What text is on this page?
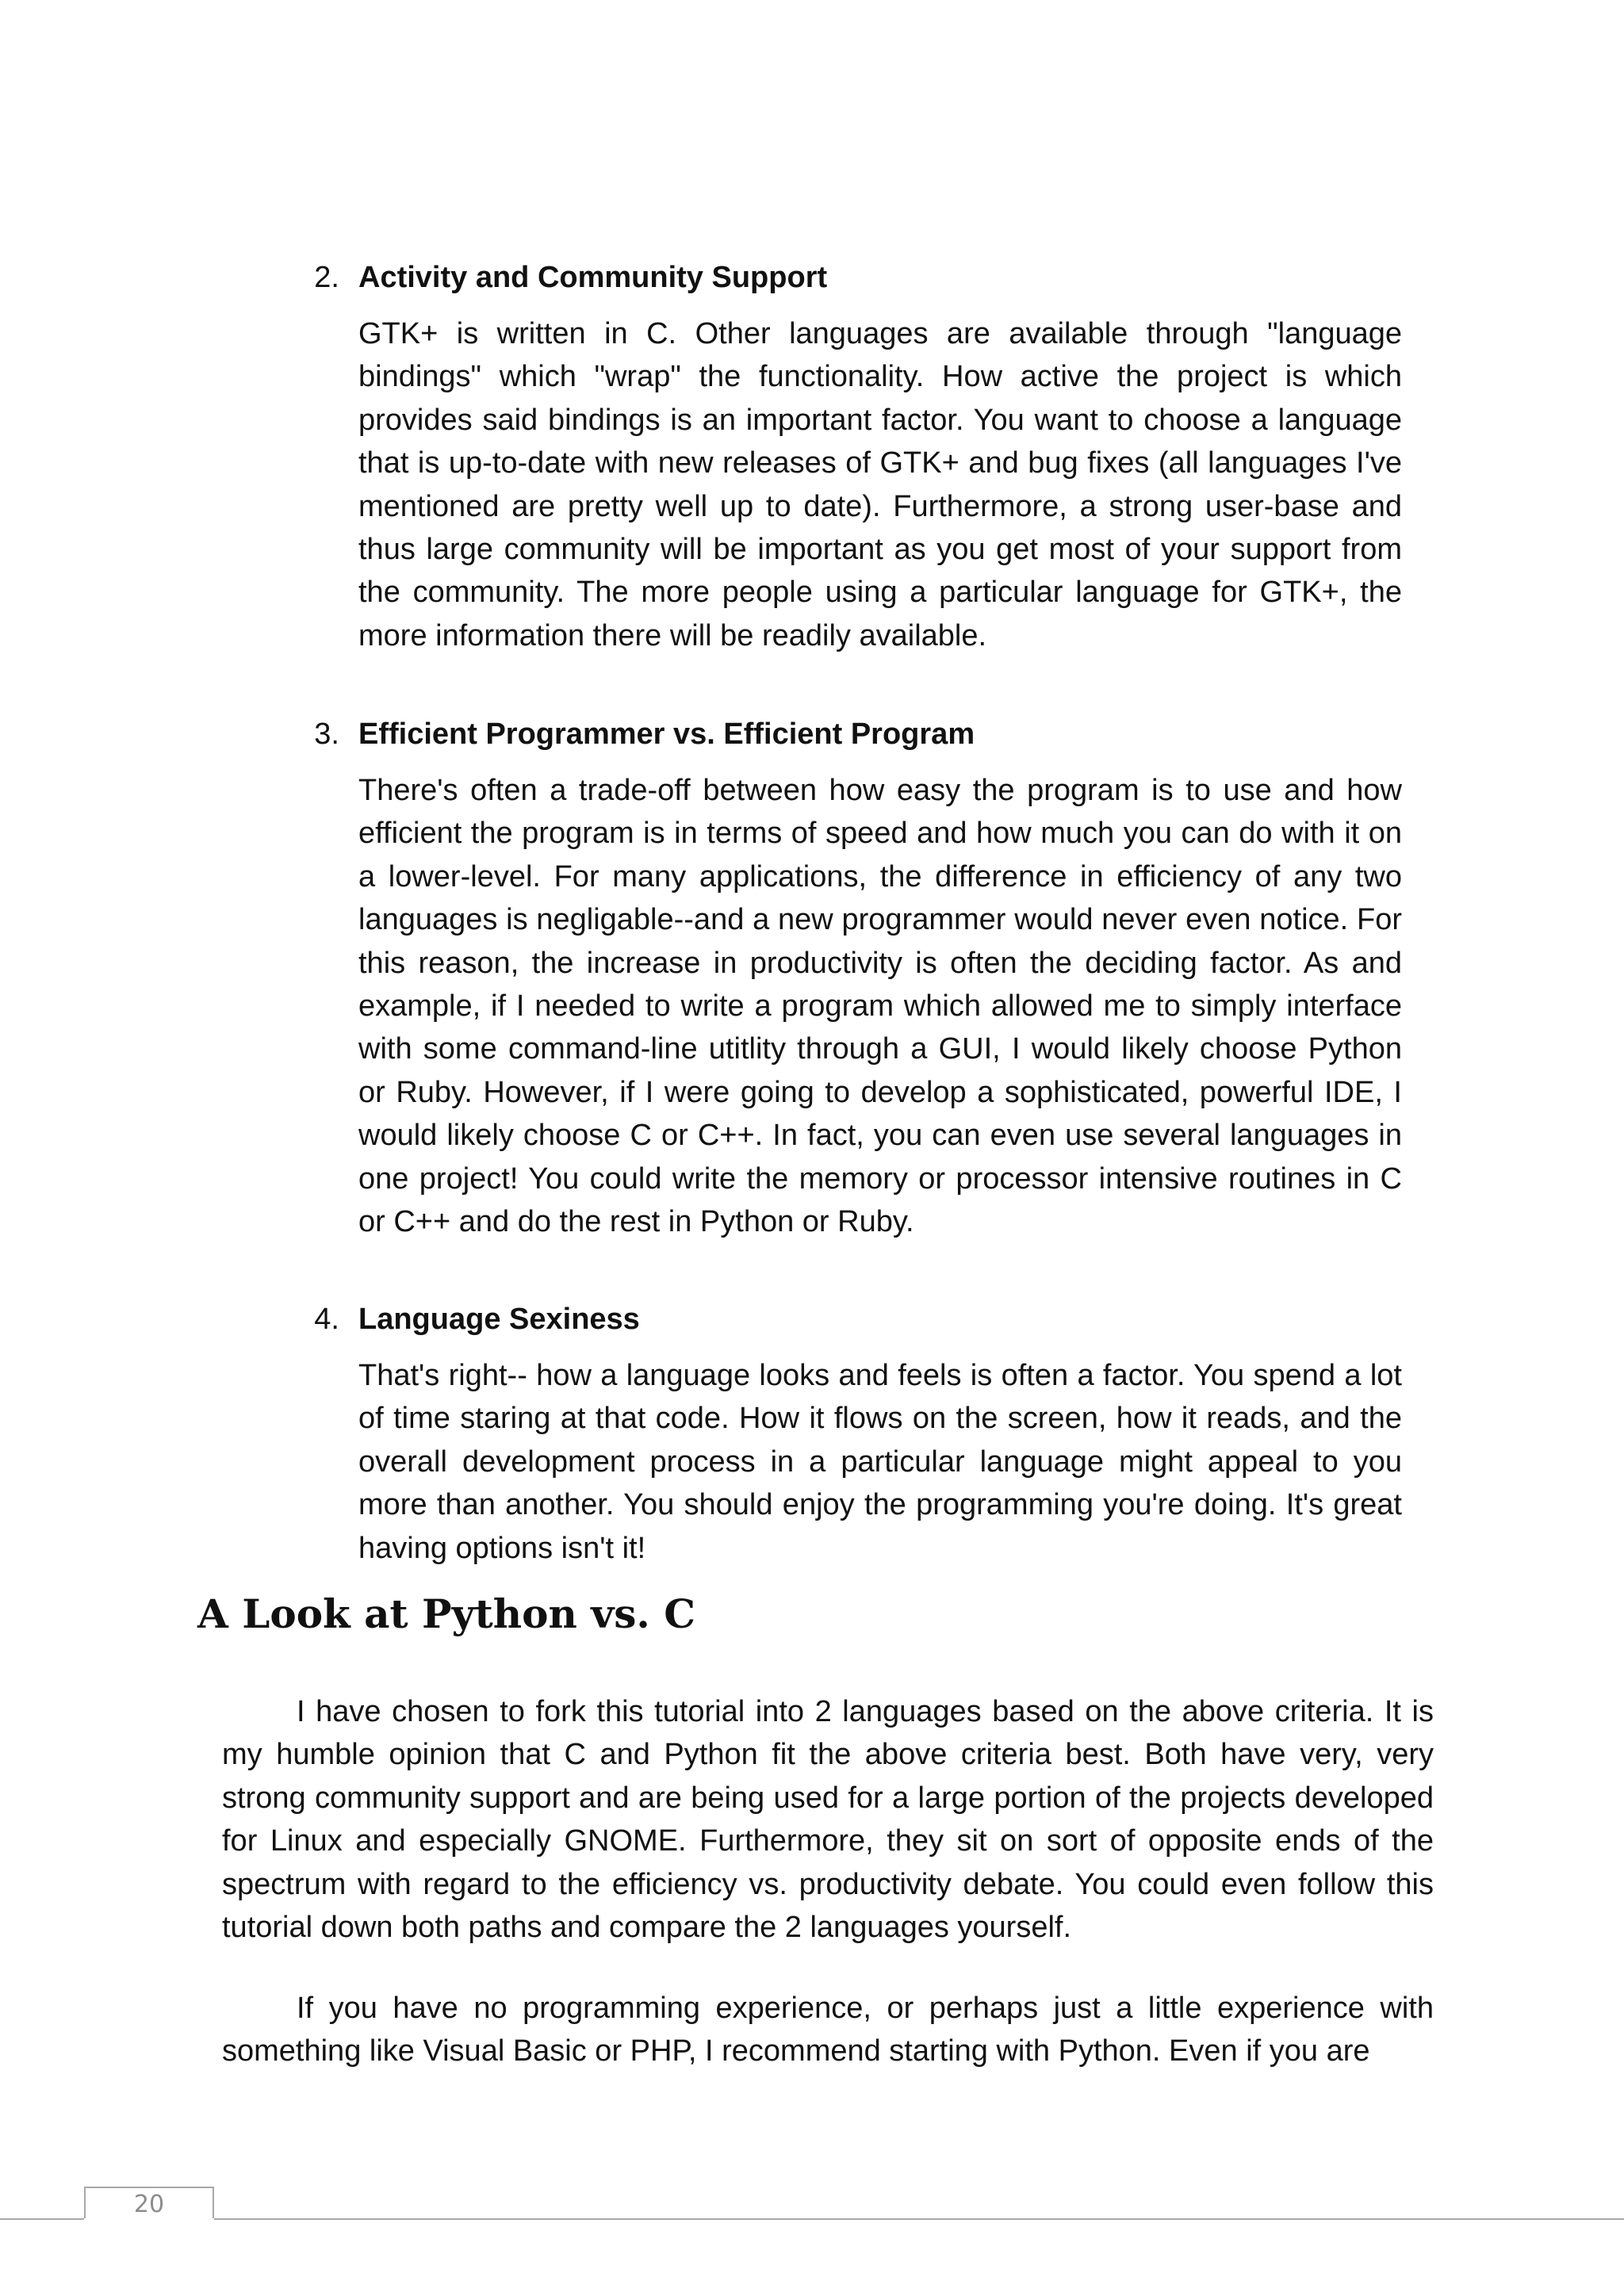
2. Activity and Community Support

GTK+ is written in C. Other languages are available through "language bindings" which "wrap" the functionality. How active the project is which provides said bindings is an important factor. You want to choose a language that is up-to-date with new releases of GTK+ and bug fixes (all languages I've mentioned are pretty well up to date). Furthermore, a strong user-base and thus large community will be important as you get most of your support from the community. The more people using a particular language for GTK+, the more information there will be readily available.

3. Efficient Programmer vs. Efficient Program

There's often a trade-off between how easy the program is to use and how efficient the program is in terms of speed and how much you can do with it on a lower-level. For many applications, the difference in efficiency of any two languages is negligable--and a new programmer would never even notice. For this reason, the increase in productivity is often the deciding factor. As and example, if I needed to write a program which allowed me to simply interface with some command-line utitlity through a GUI, I would likely choose Python or Ruby. However, if I were going to develop a sophisticated, powerful IDE, I would likely choose C or C++. In fact, you can even use several languages in one project! You could write the memory or processor intensive routines in C or C++ and do the rest in Python or Ruby.

4. Language Sexiness

That's right-- how a language looks and feels is often a factor. You spend a lot of time staring at that code. How it flows on the screen, how it reads, and the overall development process in a particular language might appeal to you more than another. You should enjoy the programming you're doing. It's great having options isn't it!

A Look at Python vs. C

I have chosen to fork this tutorial into 2 languages based on the above criteria. It is my humble opinion that C and Python fit the above criteria best. Both have very, very strong community support and are being used for a large portion of the projects developed for Linux and especially GNOME. Furthermore, they sit on sort of opposite ends of the spectrum with regard to the efficiency vs. productivity debate. You could even follow this tutorial down both paths and compare the 2 languages yourself.

If you have no programming experience, or perhaps just a little experience with something like Visual Basic or PHP, I recommend starting with Python. Even if you are

20
